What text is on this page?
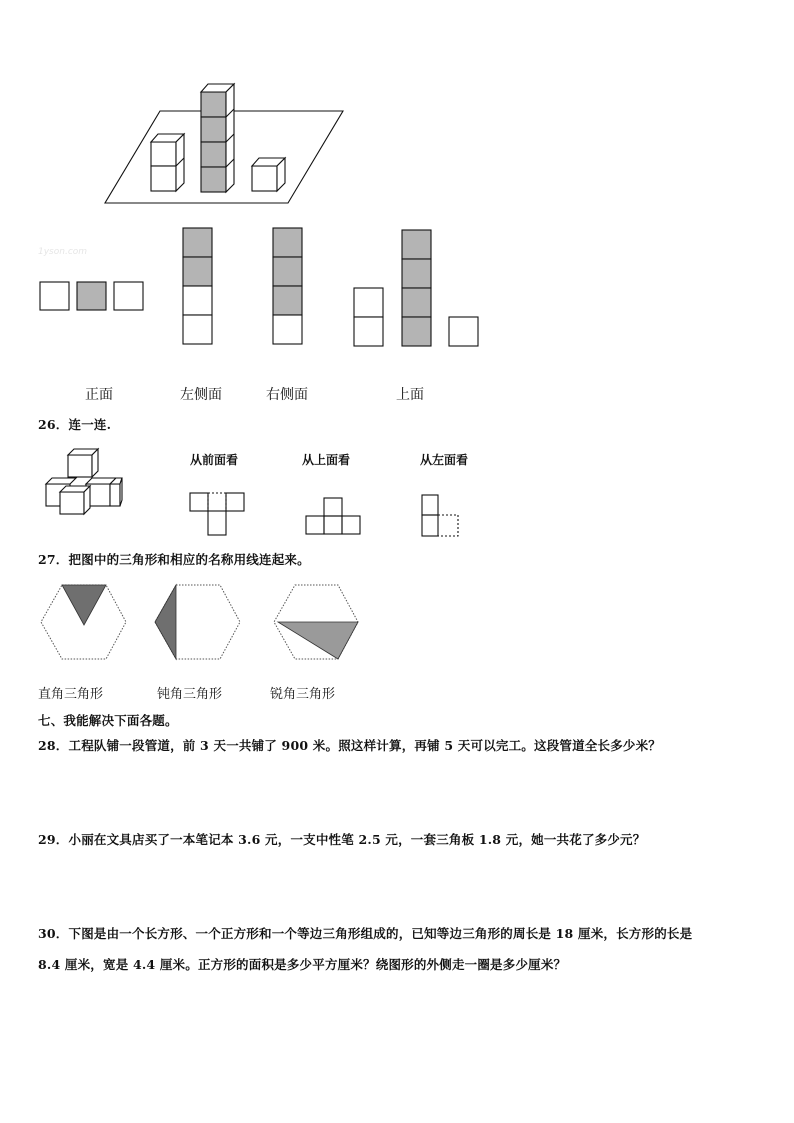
1yson.com
正面	左侧面	右侧面	上面
26．连一连.
从前面看	从上面看	从左面看
27．把图中的三角形和相应的名称用线连起来。
直角三角形	钝角三角形	锐角三角形
七、我能解决下面各题。
28．工程队铺一段管道，前 3 天一共铺了 900 米。照这样计算，再铺 5 天可以完工。这段管道全长多少米？
29．小丽在文具店买了一本笔记本 3.6 元，一支中性笔 2.5 元，一套三角板 1.8 元，她一共花了多少元？
30．下图是由一个长方形、一个正方形和一个等边三角形组成的，已知等边三角形的周长是 18 厘米，长方形的长是
8.4 厘米，宽是 4.4 厘米。正方形的面积是多少平方厘米？绕图形的外侧走一圈是多少厘米？
